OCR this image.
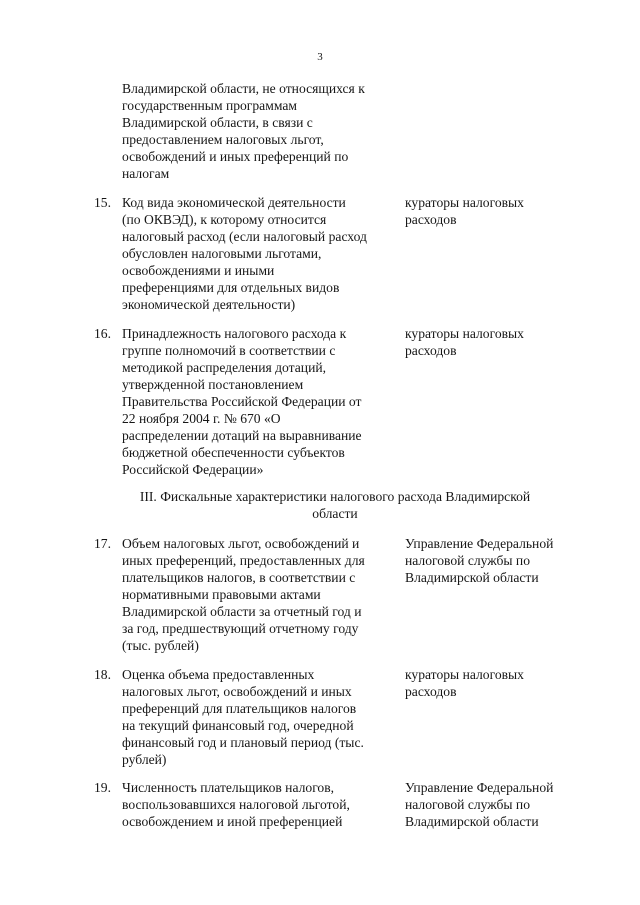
3
Владимирской области, не относящихся к
государственным программам
Владимирской области, в связи с
предоставлением налоговых льгот,
освобождений и иных преференций по
налогам
15. Код вида экономической деятельности
(по ОКВЭД), к которому относится
налоговый расход (если налоговый расход
обусловлен налоговыми льготами,
освобождениями и иными
преференциями для отдельных видов
экономической деятельности)
кураторы налоговых
расходов
16. Принадлежность налогового расхода к
группе полномочий в соответствии с
методикой распределения дотаций,
утвержденной постановлением
Правительства Российской Федерации от
22 ноября 2004 г. № 670 «О
распределении дотаций на выравнивание
бюджетной обеспеченности субъектов
Российской Федерации»
кураторы налоговых
расходов
III. Фискальные характеристики налогового расхода Владимирской
области
17. Объем налоговых льгот, освобождений и
иных преференций, предоставленных для
плательщиков налогов, в соответствии с
нормативными правовыми актами
Владимирской области за отчетный год и
за год, предшествующий отчетному году
(тыс. рублей)
Управление Федеральной
налоговой службы по
Владимирской области
18. Оценка объема предоставленных
налоговых льгот, освобождений и иных
преференций для плательщиков налогов
на текущий финансовый год, очередной
финансовый год и плановый период (тыс.
рублей)
кураторы налоговых
расходов
19. Численность плательщиков налогов,
воспользовавшихся налоговой льготой,
освобождением и иной преференцией
Управление Федеральной
налоговой службы по
Владимирской области
